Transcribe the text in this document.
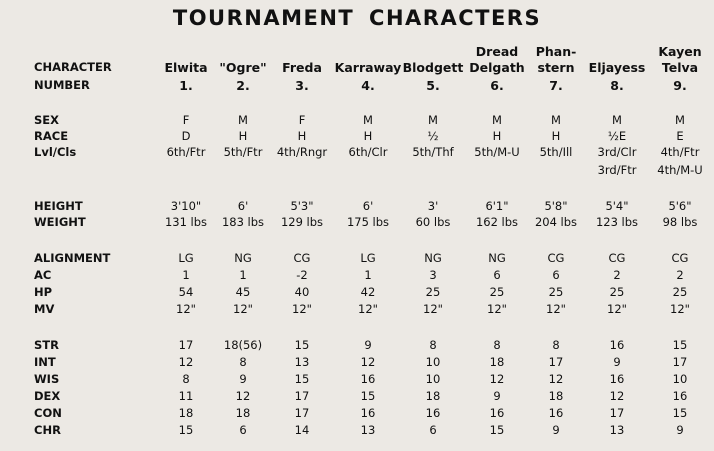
TOURNAMENT CHARACTERS
CHARACTER
NUMBER
SEX
RACE
Lvl/Cls
HEIGHT
WEIGHT
ALIGNMENT
AC
HP
MV
STR
INT
WIS
DEX
CON
CHR
Elwita
1.
F
D
6th/Ftr
3'10"
131 lbs
LG
1
54
12"
17
12
8
11
18
15
"Ogre"
2.
M
H
5th/Ftr
6'
183 lbs
NG
1
45
12"
18(56)
8
9
12
18
6
Freda
3.
F
H
4th/Rngr
5'3"
129 lbs
CG
-2
40
12"
15
13
15
17
17
14
Karraway
4.
M
H
6th/Clr
6'
175 lbs
LG
1
42
12"
9
12
16
15
16
13
Blodgett
5.
M
½
5th/Thf
3'
60 lbs
NG
3
25
12"
8
10
10
18
16
6
Dread
Delgath
6.
M
H
5th/M-U
6'1"
162 lbs
NG
6
25
12"
8
18
12
9
16
15
Phan-
stern
7.
M
H
5th/Ill
5'8"
204 lbs
CG
6
25
12"
8
17
12
18
16
9
Eljayess
8.
M
½E
3rd/Clr
3rd/Ftr
5'4"
123 lbs
CG
2
25
12"
16
9
16
12
17
13
Kayen
Telva
9.
M
E
4th/Ftr
4th/M-U
5'6"
98 lbs
CG
2
25
12"
15
17
10
16
15
9
